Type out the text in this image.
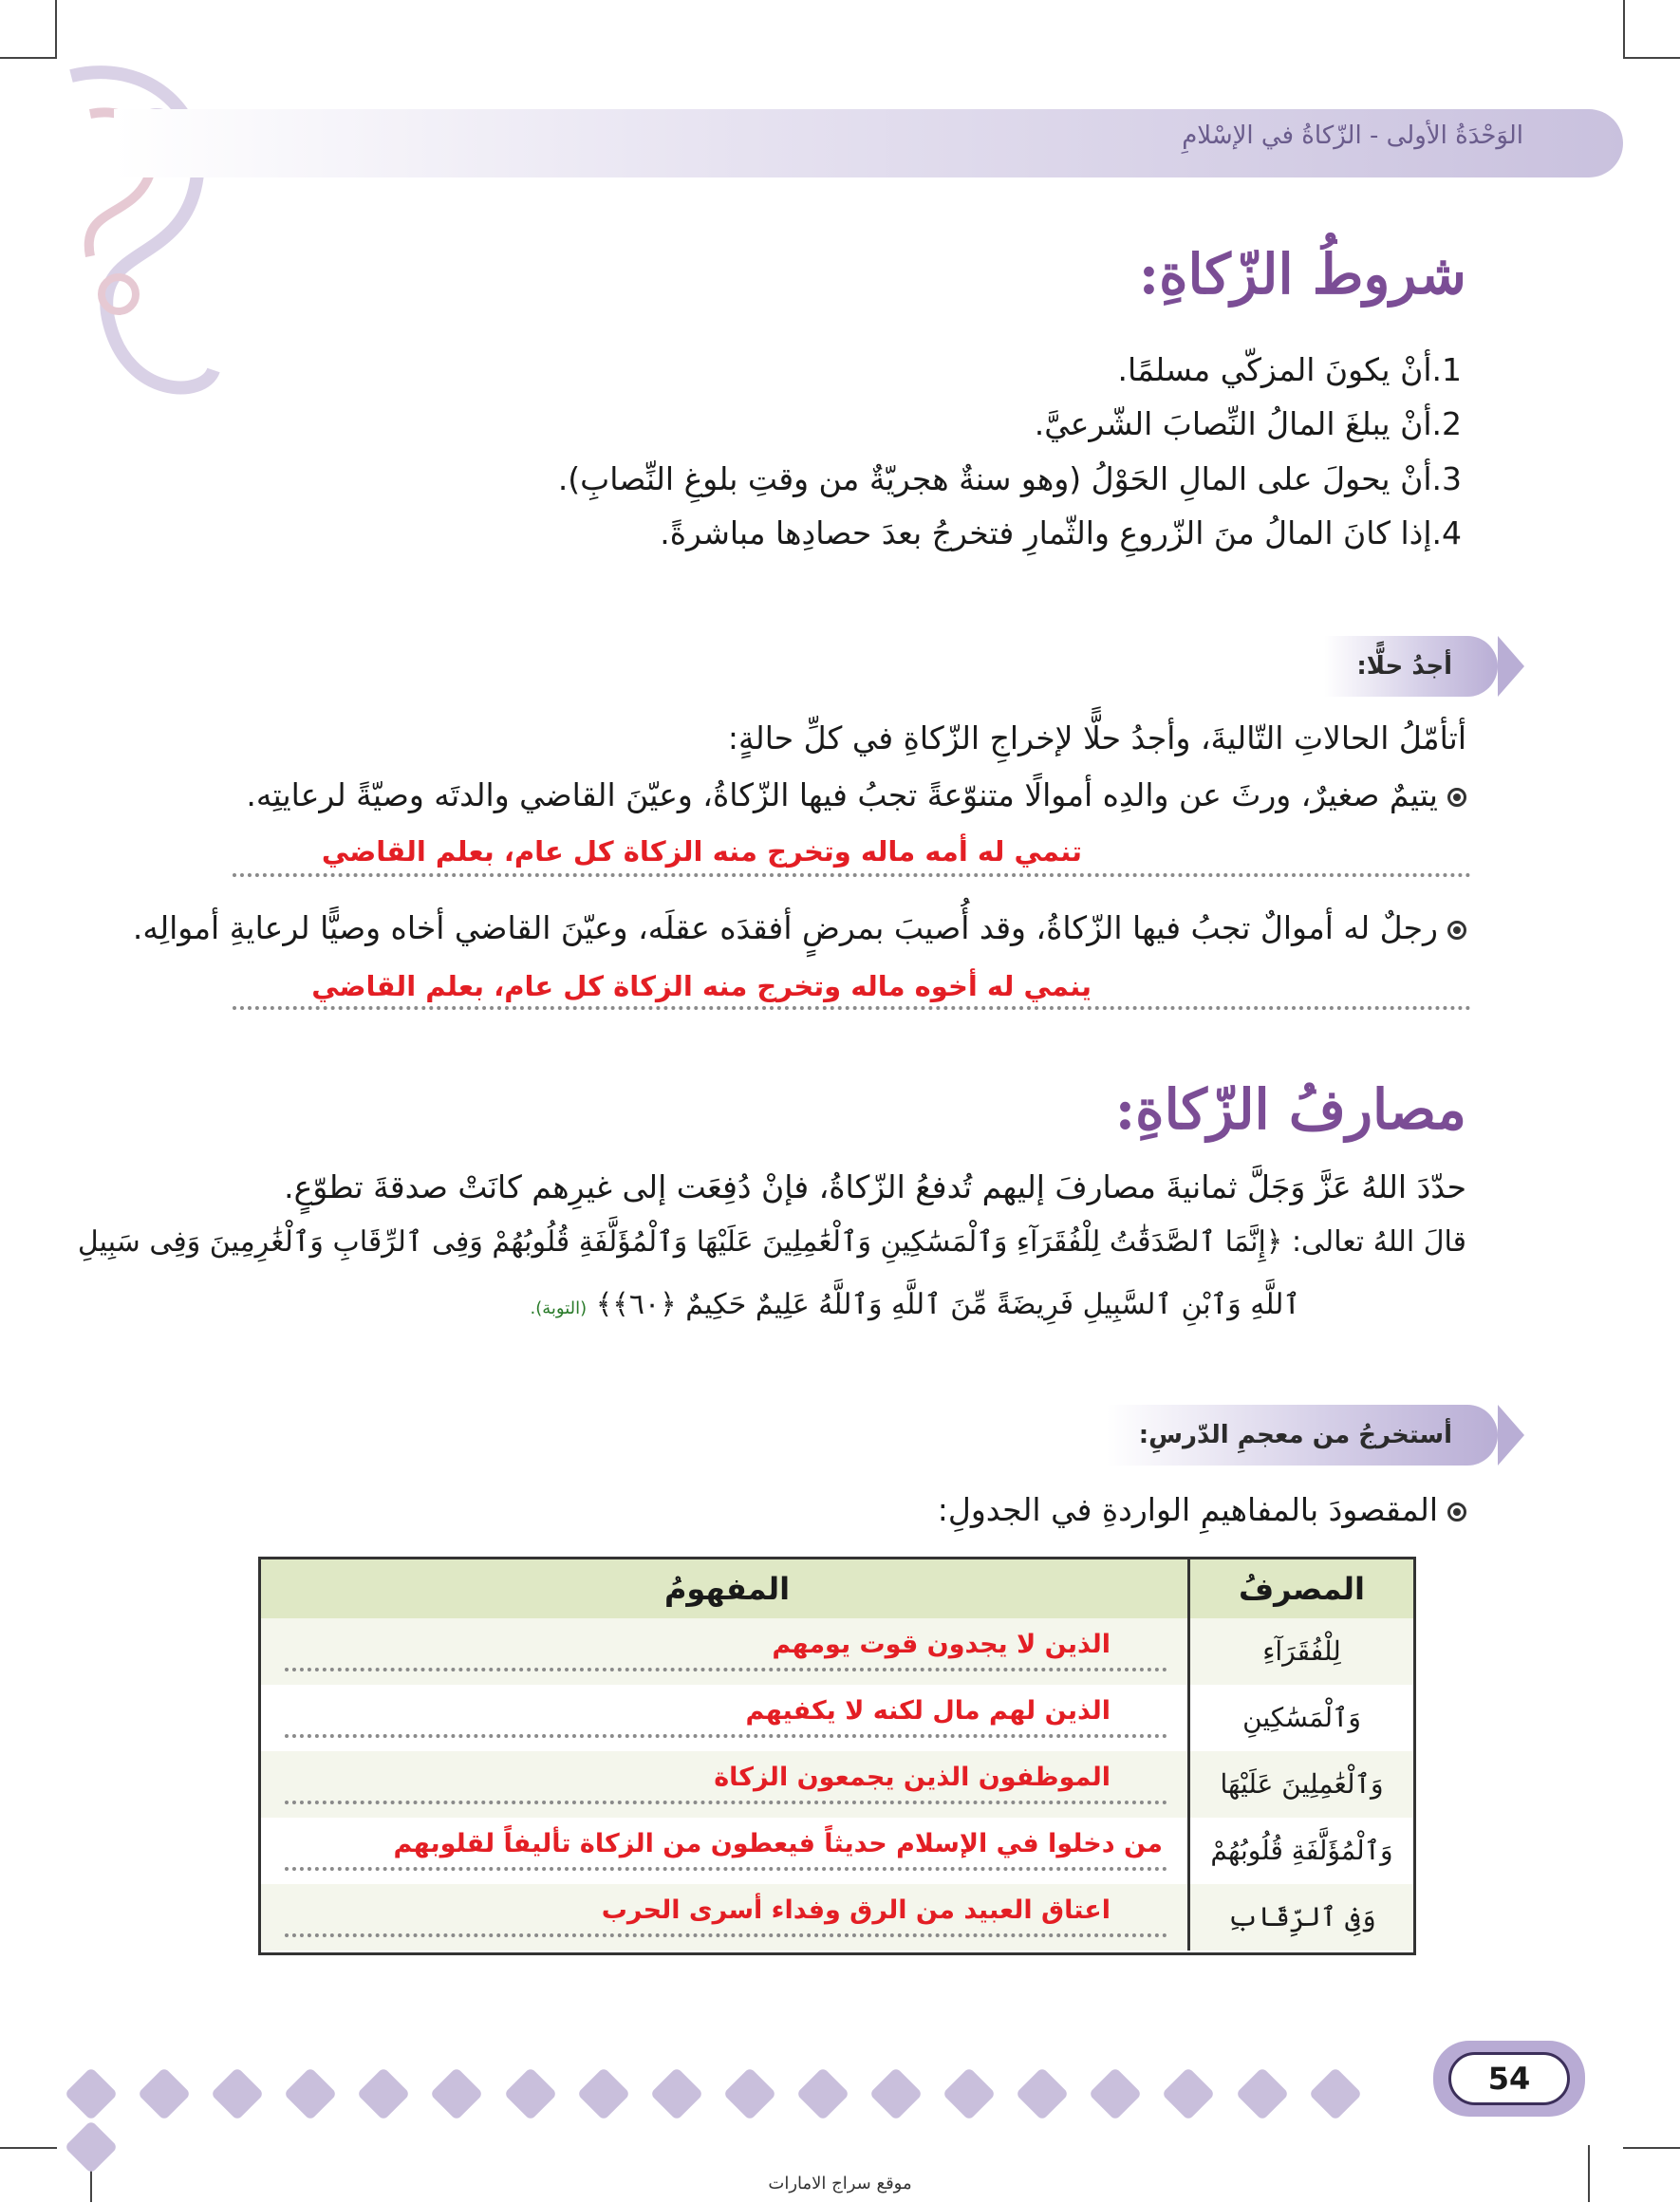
الوَحْدَةُ الأولى - الزّكاةُ في الإسْلامِ
شروطُ الزّكاةِ:
1.أنْ يكونَ المزكّي مسلمًا.
2.أنْ يبلغَ المالُ النِّصابَ الشّرعيَّ.
3.أنْ يحولَ على المالِ الحَوْلُ (وهو سنةٌ هجريّةٌ من وقتِ بلوغِ النِّصابِ).
4.إذا كانَ المالُ منَ الزّروعِ والثّمارِ فتخرجُ بعدَ حصادِها مباشرةً.
أجدُ حلًّا:
أتأمّلُ الحالاتِ التّاليةَ، وأجدُ حلًّا لإخراجِ الزّكاةِ في كلِّ حالةٍ:
يتيمٌ صغيرٌ، ورثَ عن والدِه أموالًا متنوّعةً تجبُ فيها الزّكاةُ، وعيّنَ القاضي والدتَه وصيّةً لرعايتِه.
تنمي له أمه ماله وتخرج منه الزكاة كل عام، بعلم القاضي
رجلٌ له أموالٌ تجبُ فيها الزّكاةُ، وقد أُصيبَ بمرضٍ أفقدَه عقلَه، وعيّنَ القاضي أخاه وصيًّا لرعايةِ أموالِه.
ينمي له أخوه ماله وتخرج منه الزكاة كل عام، بعلم القاضي
مصارفُ الزّكاةِ:
حدّدَ اللهُ عَزَّ وَجَلَّ ثمانيةَ مصارفَ إليهم تُدفعُ الزّكاةُ، فإنْ دُفِعَت إلى غيرِهم كانَتْ صدقةَ تطوّعٍ.
قالَ اللهُ تعالى: ﴿إِنَّمَا ٱلصَّدَقَٰتُ لِلْفُقَرَآءِ وَٱلْمَسَٰكِينِ وَٱلْعَٰمِلِينَ عَلَيْهَا وَٱلْمُؤَلَّفَةِ قُلُوبُهُمْ وَفِى ٱلرِّقَابِ وَٱلْغَٰرِمِينَ وَفِى سَبِيلِ
ٱللَّهِ وَٱبْنِ ٱلسَّبِيلِ فَرِيضَةً مِّنَ ٱللَّهِ وَٱللَّهُ عَلِيمٌ حَكِيمٌ ﴿٦٠﴾﴾ (التوبة).
أستخرجُ من معجمِ الدّرسِ:
المقصودَ بالمفاهيمِ الواردةِ في الجدولِ:
المصرفُ
المفهومُ
لِلْفُقَرَآءِ
الذين لا يجدون قوت يومهم
وَٱلْمَسَٰكِينِ
الذين لهم مال لكنه لا يكفيهم
وَٱلْعَٰمِلِينَ عَلَيْهَا
الموظفون الذين يجمعون الزكاة
وَٱلْمُؤَلَّفَةِ قُلُوبُهُمْ
من دخلوا في الإسلام حديثاً فيعطون من الزكاة تأليفاً لقلوبهم
وَفِى ٱلرِّقَابِ
اعتاق العبيد من الرق وفداء أسرى الحرب

54
موقع سراج الامارات
